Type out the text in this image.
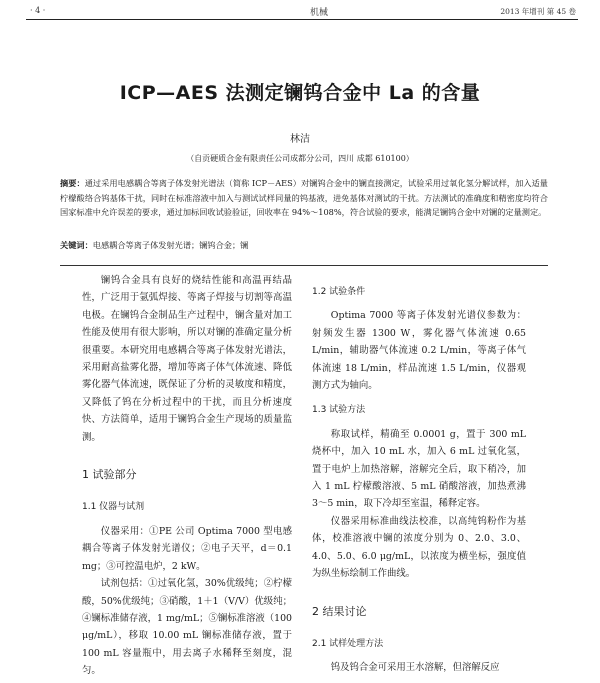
· 4 ·	机械	2013 年增刊 第 45 卷
ICP—AES 法测定镧钨合金中 La 的含量
林洁
（自贡硬质合金有限责任公司成都分公司，四川 成都 610100）
摘要：通过采用电感耦合等离子体发射光谱法（简称 ICP－AES）对镧钨合金中的镧直接测定，试验采用过氧化氢分解试样，加入适量柠檬酸络合钨基体干扰，同时在标准溶液中加入与测试试样同量的钨基液，进免基体对测试的干扰。方法测试的准确度和精密度均符合国家标准中允许误差的要求，通过加标回收试验验证，回收率在 94%～108%，符合试验的要求，能满足镧钨合金中对镧的定量测定。
关键词：电感耦合等离子体发射光谱；镧钨合金；镧

镧钨合金具有良好的烧结性能和高温再结晶性，广泛用于氩弧焊接、等离子焊接与切割等高温电极。在镧钨合金制品生产过程中，镧含量对加工性能及使用有很大影响，所以对镧的准确定量分析很重要。本研究用电感耦合等离子体发射光谱法，采用耐高盐雾化器，增加等离子体气体流速、降低雾化器气体流速，既保证了分析的灵敏度和精度，又降低了钨在分析过程中的干扰，而且分析速度快、方法简单，适用于镧钨合金生产现场的质量监测。

1 试验部分
1.1 仪器与试剂

仪器采用：①PE 公司 Optima 7000 型电感耦合等离子体发射光谱仪；②电子天平，d＝0.1 mg；③可控温电炉，2 kW。

试剂包括：①过氧化氢，30%优级纯；②柠檬酸，50%优级纯；③硝酸，1＋1（V/V）优级纯；④镧标准储存液，1 mg/mL；⑤镧标准溶液（100 μg/mL），移取 10.00 mL 镧标准储存液，置于 100 mL 容量瓶中，用去离子水稀释至刻度，混匀。

1.2 试验条件

Optima 7000 等离子体发射光谱仪参数为：射频发生器 1300 W，雾化器气体流速 0.65 L/min，辅助器气体流速 0.2 L/min，等离子体气体流速 18 L/min，样品流速 1.5 L/min，仪器观测方式为轴向。

1.3 试验方法

称取试样，精确至 0.0001 g，置于 300 mL 烧杯中，加入 10 mL 水，加入 6 mL 过氧化氢，置于电炉上加热溶解，溶解完全后，取下稍冷，加入 1 mL 柠檬酸溶液、5 mL 硝酸溶液，加热煮沸 3～5 min，取下冷却至室温，稀释定容。

仪器采用标准曲线法校准，以高纯钨粉作为基体，校准溶液中镧的浓度分别为 0、2.0、3.0、4.0、5.0、6.0 μg/mL，以浓度为横坐标，强度值为纵坐标绘制工作曲线。

2 结果讨论
2.1 试样处理方法

钨及钨合金可采用王水溶解，但溶解反应
